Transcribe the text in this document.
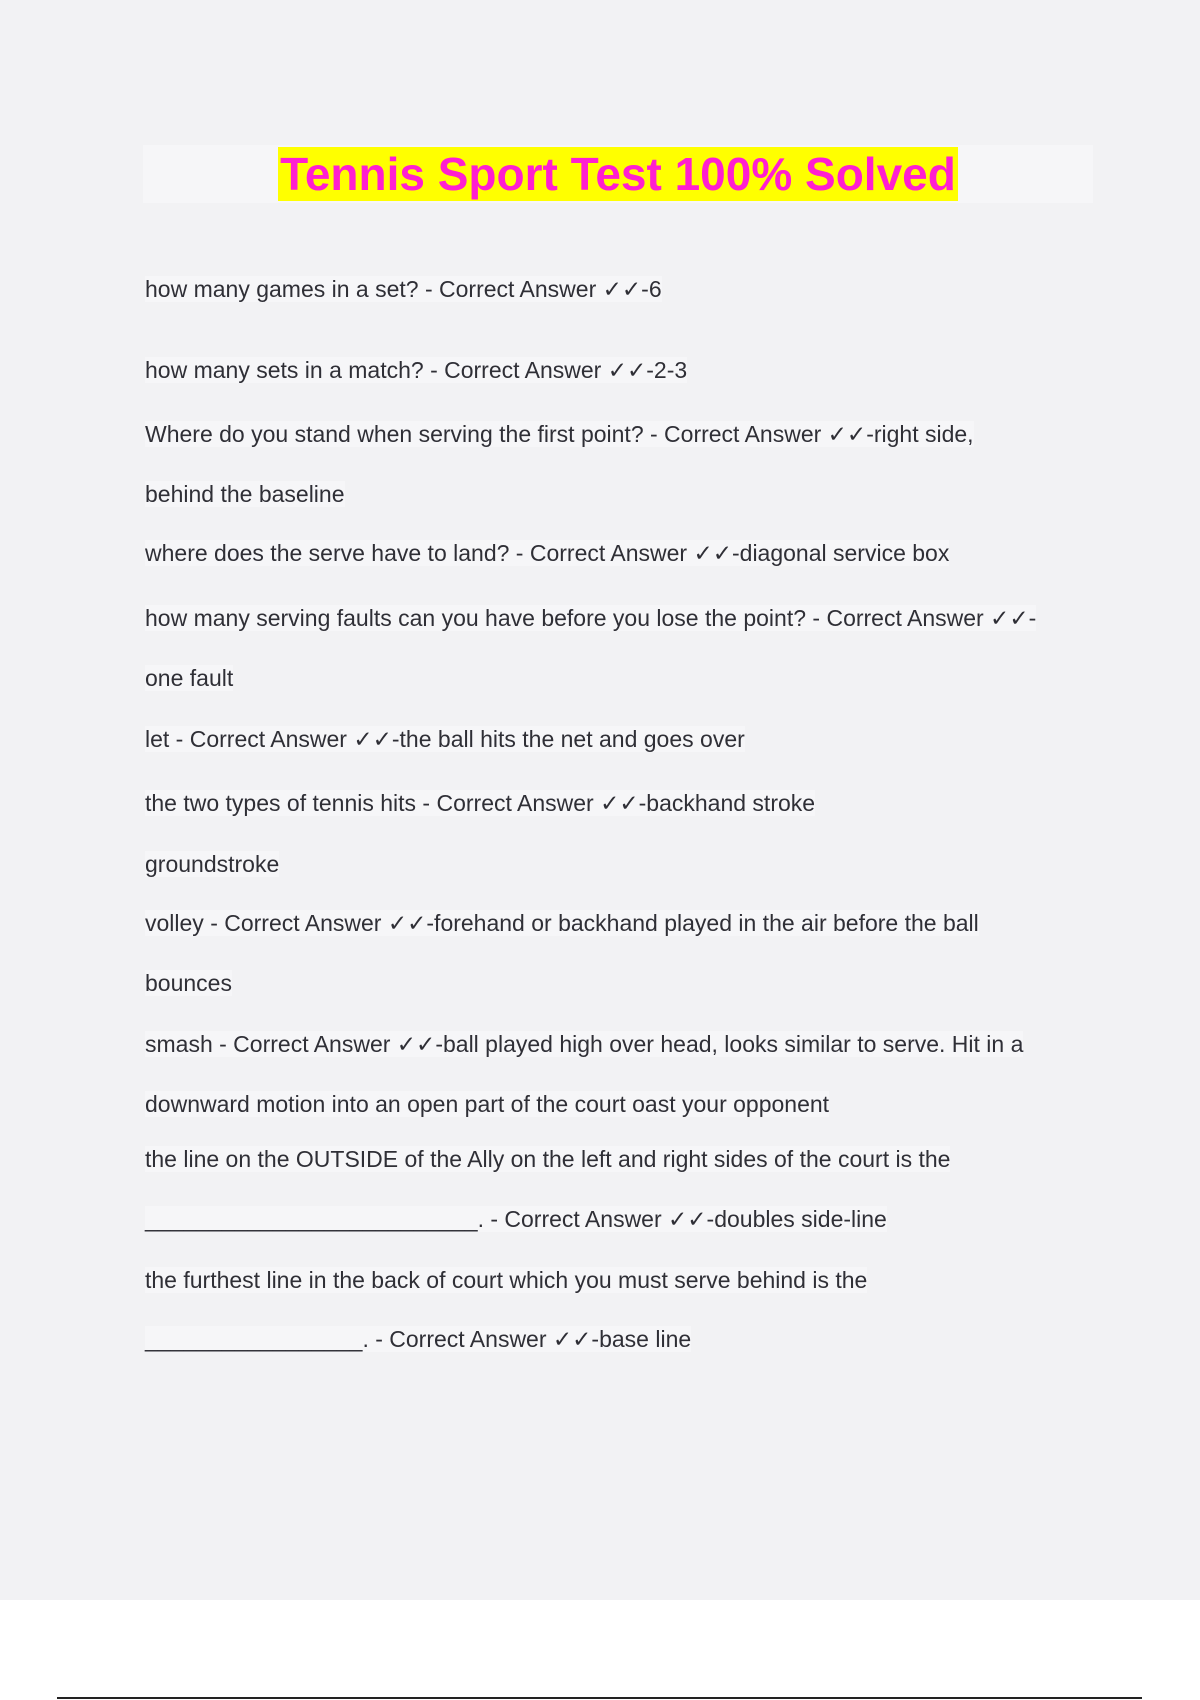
Tennis Sport Test 100% Solved

how many games in a set? - Correct Answer ✓✓-6

how many sets in a match? - Correct Answer ✓✓-2-3

Where do you stand when serving the first point? - Correct Answer ✓✓-right side,

behind the baseline

where does the serve have to land? - Correct Answer ✓✓-diagonal service box

how many serving faults can you have before you lose the point? - Correct Answer ✓✓-

one fault

let - Correct Answer ✓✓-the ball hits the net and goes over

the two types of tennis hits - Correct Answer ✓✓-backhand stroke

groundstroke

volley - Correct Answer ✓✓-forehand or backhand played in the air before the ball

bounces

smash - Correct Answer ✓✓-ball played high over head, looks similar to serve. Hit in a

downward motion into an open part of the court oast your opponent

the line on the OUTSIDE of the Ally on the left and right sides of the court is the

__________________________. - Correct Answer ✓✓-doubles side-line

the furthest line in the back of court which you must serve behind is the

_________________. - Correct Answer ✓✓-base line
